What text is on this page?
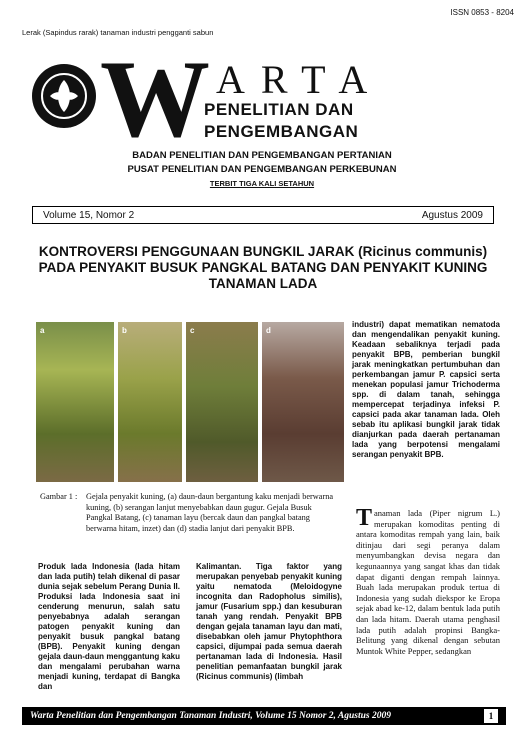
ISSN 0853 - 8204
Lerak (Sapindus rarak) tanaman industri pengganti sabun
W ARTA
PENELITIAN DAN
PENGEMBANGAN
BADAN PENELITIAN DAN PENGEMBANGAN PERTANIAN
PUSAT PENELITIAN DAN PENGEMBANGAN PERKEBUNAN
TERBIT TIGA KALI SETAHUN
Volume 15, Nomor 2	Agustus 2009
KONTROVERSI PENGGUNAAN BUNGKIL JARAK (Ricinus communis) PADA PENYAKIT BUSUK PANGKAL BATANG DAN PENYAKIT KUNING TANAMAN LADA
a	b	c	d
industri) dapat mematikan nematoda dan mengendalikan penyakit kuning. Keadaan sebaliknya terjadi pada penyakit BPB, pemberian bungkil jarak meningkatkan pertumbuhan dan perkembangan jamur P. capsici serta menekan populasi jamur Trichoderma spp. di dalam tanah, sehingga mempercepat terjadinya infeksi P. capsici pada akar tanaman lada. Oleh sebab itu aplikasi bungkil jarak tidak dianjurkan pada daerah pertanaman lada yang berpotensi mengalami serangan penyakit BPB.
Gambar 1 : Gejala penyakit kuning, (a) daun-daun bergantung kaku menjadi berwarna kuning, (b) serangan lanjut menyebabkan daun gugur. Gejala Busuk Pangkal Batang, (c) tanaman layu (bercak daun dan pangkal batang berwarna hitam, inzet) dan (d) stadia lanjut dari penyakit BPB.
Produk lada Indonesia (lada hitam dan lada putih) telah dikenal di pasar dunia sejak sebelum Perang Dunia II. Produksi lada Indonesia saat ini cenderung menurun, salah satu penyebabnya adalah serangan patogen penyakit kuning dan penyakit busuk pangkal batang (BPB). Penyakit kuning dengan gejala daun-daun menggantung kaku dan mengalami perubahan warna menjadi kuning, terdapat di Bangka dan
Kalimantan. Tiga faktor yang merupakan penyebab penyakit kuning yaitu nematoda (Meloidogyne incognita dan Radopholus similis), jamur (Fusarium spp.) dan kesuburan tanah yang rendah. Penyakit BPB dengan gejala tanaman layu dan mati, disebabkan oleh jamur Phytophthora capsici, dijumpai pada semua daerah pertanaman lada di Indonesia. Hasil penelitian pemanfaatan bungkil jarak (Ricinus communis) (limbah
Tanaman lada (Piper nigrum L.) merupakan komoditas penting di antara komoditas rempah yang lain, baik ditinjau dari segi peranya dalam menyumbangkan devisa negara dan kegunaannya yang sangat khas dan tidak dapat diganti dengan rempah lainnya. Buah lada merupakan produk tertua di Indonesia yang sudah diekspor ke Eropa sejak abad ke-12, dalam bentuk lada putih dan lada hitam. Daerah utama penghasil lada putih adalah propinsi Bangka-Belitung yang dikenal dengan sebutan Muntok White Pepper, sedangkan
Warta Penelitian dan Pengembangan Tanaman Industri, Volume 15 Nomor 2, Agustus 2009	1
